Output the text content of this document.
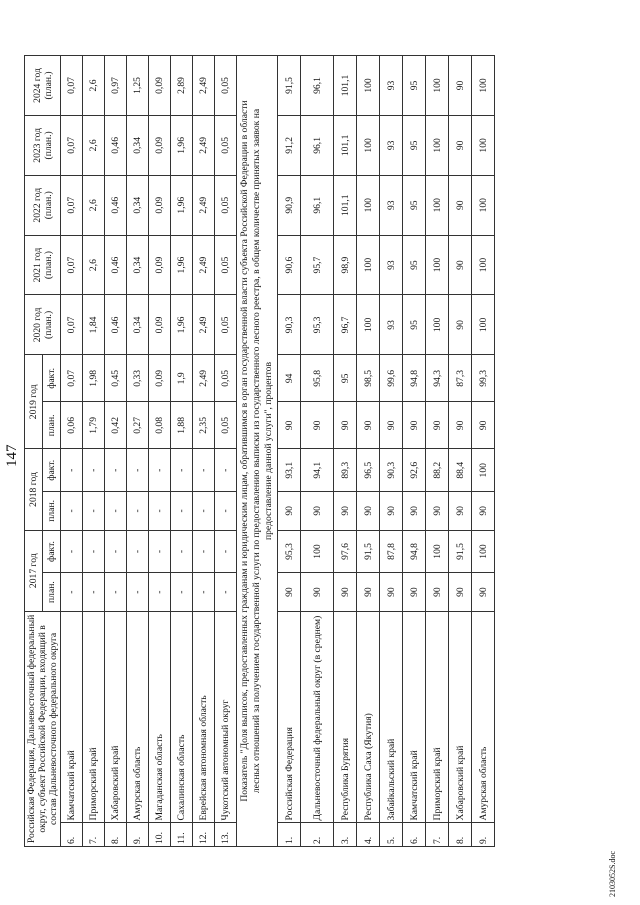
147
Российская Федерация, Дальневосточный федеральный округ, субъект Российской Федерации, входящий в состав Дальневосточного федерального округа		2017 год		2018 год		2019 год		2020 год (план.)	2021 год (план.)	2022 год (план.)	2023 год (план.)	2024 год (план.)
		план.	факт.	план.	факт.	план.	факт.					
6.	Камчатский край	-	-	-	-	0,06	0,07	0,07	0,07	0,07	0,07	0,07
7.	Приморский край	-	-	-	-	1,79	1,98	1,84	2,6	2,6	2,6	2,6
8.	Хабаровский край	-	-	-	-	0,42	0,45	0,46	0,46	0,46	0,46	0,97
9.	Амурская область	-	-	-	-	0,27	0,33	0,34	0,34	0,34	0,34	1,25
10.	Магаданская область	-	-	-	-	0,08	0,09	0,09	0,09	0,09	0,09	0,09
11.	Сахалинская область	-	-	-	-	1,88	1,9	1,96	1,96	1,96	1,96	2,89
12.	Еврейская автономная область	-	-	-	-	2,35	2,49	2,49	2,49	2,49	2,49	2,49
13.	Чукотский автономный округ	-	-	-	-	0,05	0,05	0,05	0,05	0,05	0,05	0,05
Показатель "Доля выписок, предоставленных гражданам и юридическим лицам, обратившимся в орган государственной власти субъекта Российской Федерации в области лесных отношений за получением государственной услуги по предоставлению выписки из государственного лесного реестра, в общем количестве принятых заявок на предоставление данной услуги", процентов												
1.	Российская Федерация	90	95,3	90	93,1	90	94	90,3	90,6	90,9	91,2	91,5
2.	Дальневосточный федеральный округ (в среднем)	90	100	90	94,1	90	95,8	95,3	95,7	96,1	96,1	96,1
3.	Республика Бурятия	90	97,6	90	89,3	90	95	96,7	98,9	101,1	101,1	101,1
4.	Республика Саха (Якутия)	90	91,5	90	96,5	90	98,5	100	100	100	100	100
5.	Забайкальский край	90	87,8	90	90,3	90	99,6	93	93	93	93	93
6.	Камчатский край	90	94,8	90	92,6	90	94,8	95	95	95	95	95
7.	Приморский край	90	100	90	88,2	90	94,3	100	100	100	100	100
8.	Хабаровский край	90	91,5	90	88,4	90	87,3	90	90	90	90	90
9.	Амурская область	90	100	90	100	90	99,3	100	100	100	100	100
2103052S.doc
